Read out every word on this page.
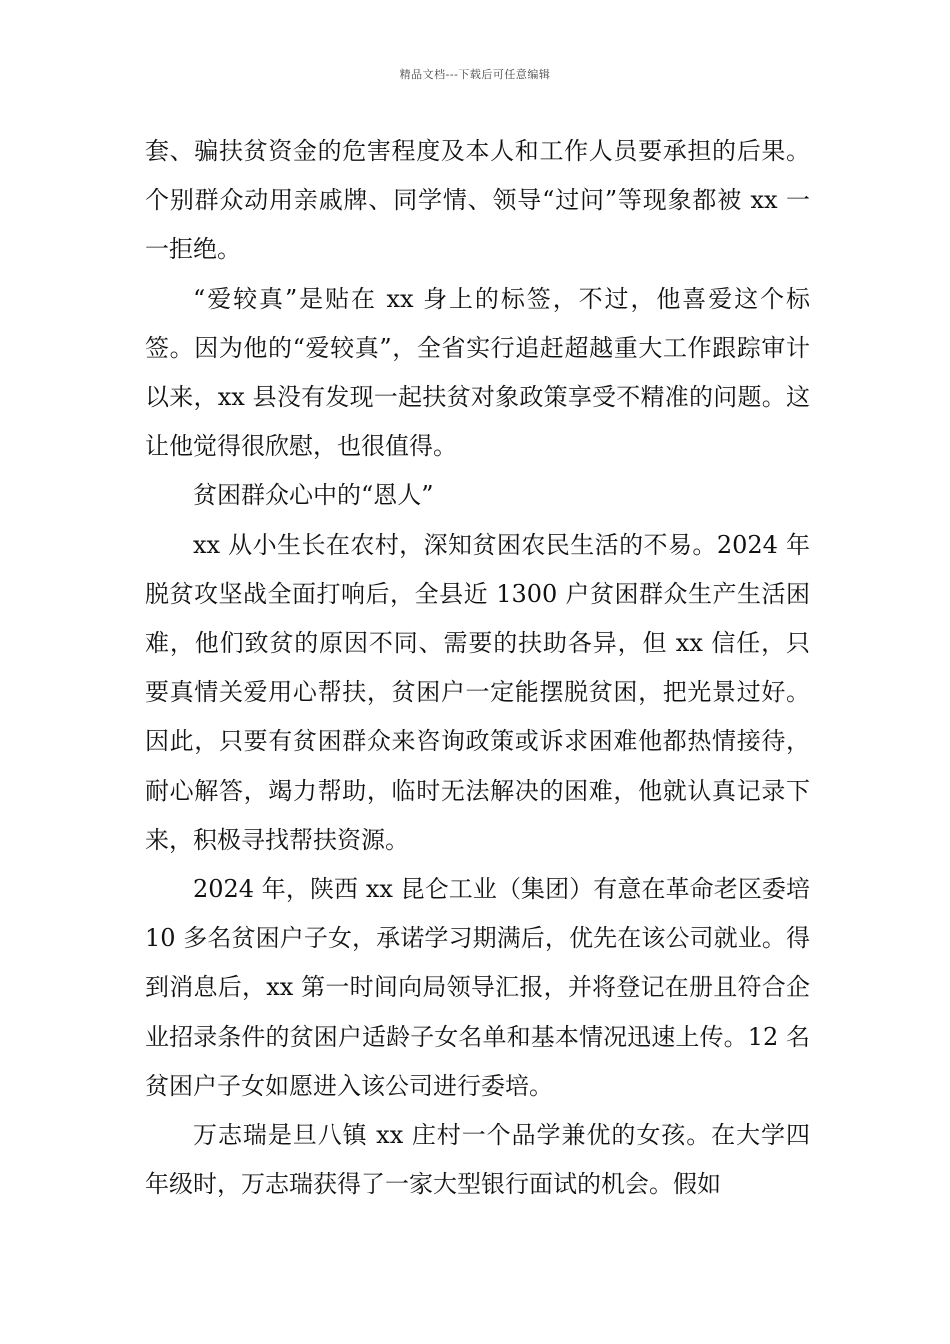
精品文档---下载后可任意编辑

套、骗扶贫资金的危害程度及本人和工作人员要承担的后果。个别群众动用亲戚牌、同学情、领导“过问”等现象都被 xx 一一拒绝。

“爱较真”是贴在 xx 身上的标签，不过，他喜爱这个标签。因为他的“爱较真”，全省实行追赶超越重大工作跟踪审计以来，xx 县没有发现一起扶贫对象政策享受不精准的问题。这让他觉得很欣慰，也很值得。

贫困群众心中的“恩人”

xx 从小生长在农村，深知贫困农民生活的不易。2024 年脱贫攻坚战全面打响后，全县近 1300 户贫困群众生产生活困难，他们致贫的原因不同、需要的扶助各异，但 xx 信任，只要真情关爱用心帮扶，贫困户一定能摆脱贫困，把光景过好。因此，只要有贫困群众来咨询政策或诉求困难他都热情接待，耐心解答，竭力帮助，临时无法解决的困难，他就认真记录下来，积极寻找帮扶资源。

2024 年，陕西 xx 昆仑工业（集团）有意在革命老区委培 10 多名贫困户子女，承诺学习期满后，优先在该公司就业。得到消息后，xx 第一时间向局领导汇报，并将登记在册且符合企业招录条件的贫困户适龄子女名单和基本情况迅速上传。12 名贫困户子女如愿进入该公司进行委培。

万志瑞是旦八镇 xx 庄村一个品学兼优的女孩。在大学四年级时，万志瑞获得了一家大型银行面试的机会。假如
